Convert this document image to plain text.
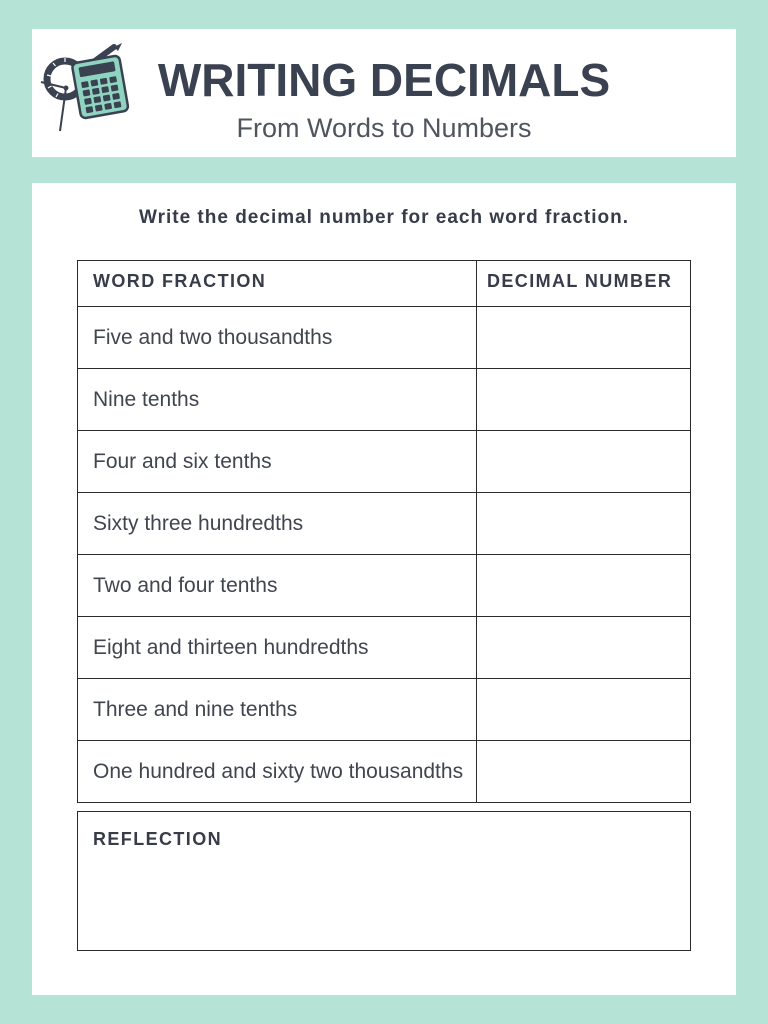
WRITING DECIMALS
From Words to Numbers
Write the decimal number for each word fraction.
WORD FRACTION	DECIMAL NUMBER
Five and two thousandths
Nine tenths
Four and six tenths
Sixty three hundredths
Two and four tenths
Eight and thirteen hundredths
Three and nine tenths
One hundred and sixty two thousandths
REFLECTION
